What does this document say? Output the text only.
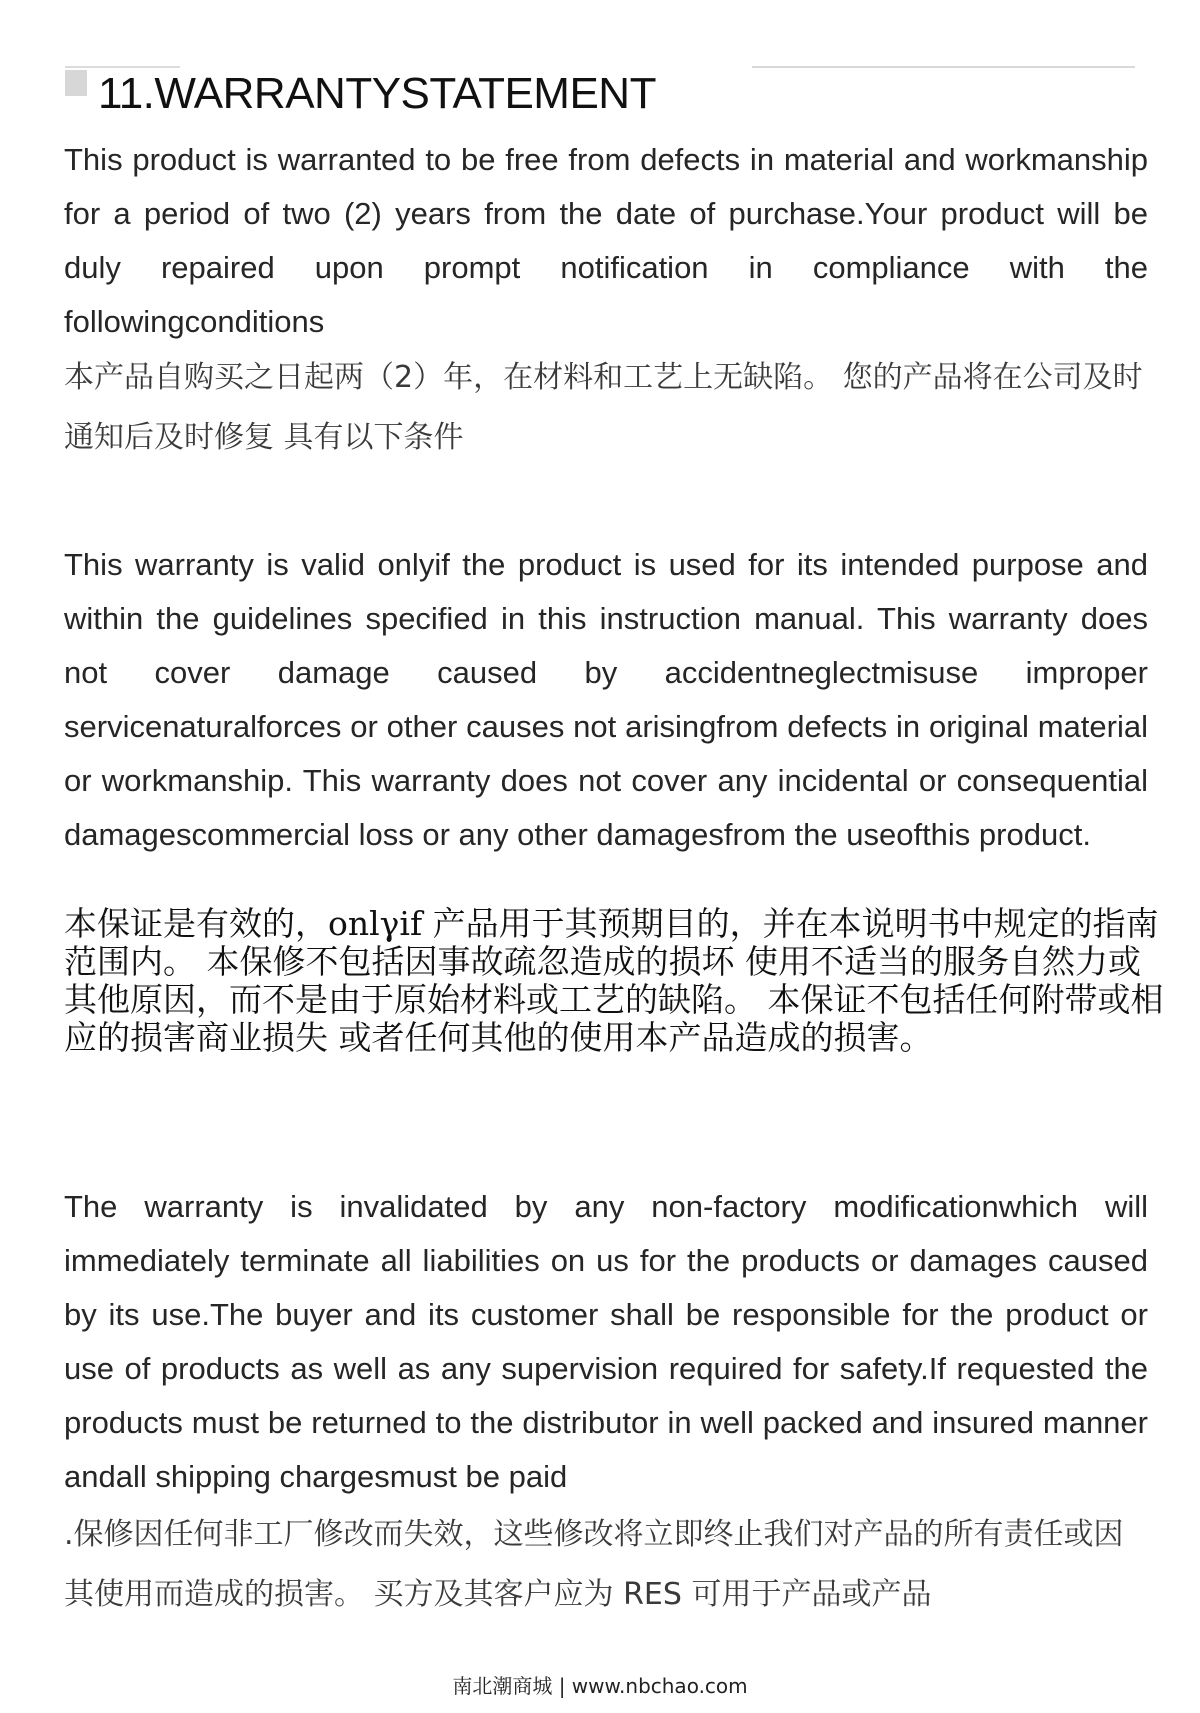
11.WARRANTYSTATEMENT

This product is warranted to be free from defects in material and workmanship for a period of two (2) years from the date of purchase.Your product will be duly repaired upon prompt notification in compliance with the followingconditions

本产品自购买之日起两（2）年，在材料和工艺上无缺陷。 您的产品将在公司及时通知后及时修复 具有以下条件

This warranty is valid onlyif the product is used for its intended purpose and within the guidelines specified in this instruction manual. This warranty does not cover damage caused by accidentneglectmisuse improper servicenaturalforces or other causes not arisingfrom defects in original material or workmanship. This warranty does not cover any incidental or consequential damagescommercial loss or any other damagesfrom the useofthis product.

本保证是有效的，onlγif 产品用于其预期目的，并在本说明书中规定的指南范围内。 本保修不包括因事故疏忽造成的损坏 使用不适当的服务自然力或其他原因，而不是由于原始材料或工艺的缺陷。 本保证不包括任何附带或相应的损害商业损失 或者任何其他的使用本产品造成的损害。

The warranty is invalidated by any non-factory modificationwhich will immediately terminate all liabilities on us for the products or damages caused by its use.The buyer and its customer shall be responsible for the product or use of products as well as any supervision required for safety.If requested the products must be returned to the distributor in well packed and insured manner andall shipping chargesmust be paid

.保修因任何非工厂修改而失效，这些修改将立即终止我们对产品的所有责任或因其使用而造成的损害。 买方及其客户应为 RES 可用于产品或产品

南北潮商城 | www.nbchao.com
